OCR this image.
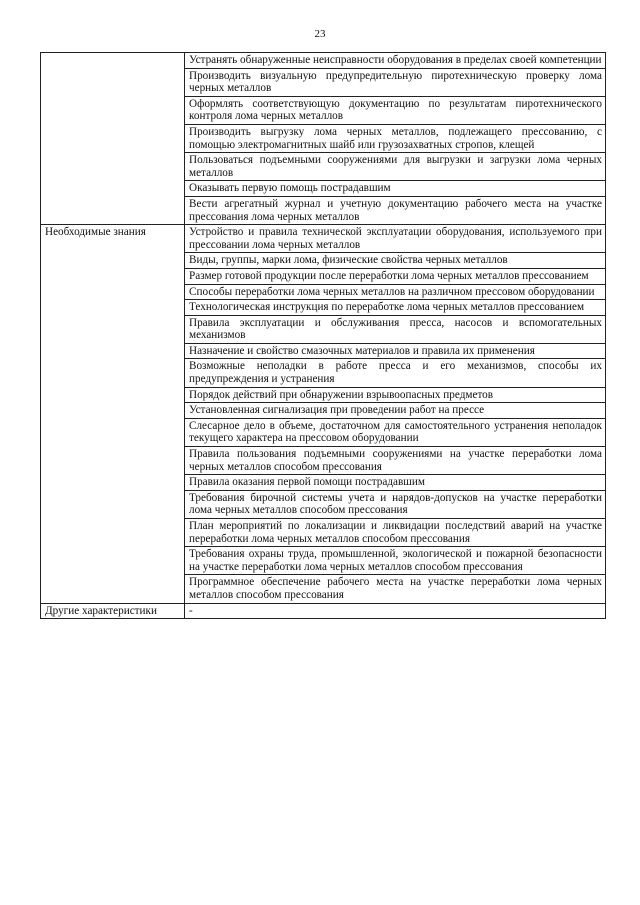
23
	Устранять обнаруженные неисправности оборудования в пределах своей компетенции
	Производить визуальную предупредительную пиротехническую проверку лома черных металлов
	Оформлять соответствующую документацию по результатам пиротехнического контроля лома черных металлов
	Производить выгрузку лома черных металлов, подлежащего прессованию, с помощью электромагнитных шайб или грузозахватных стропов, клещей
	Пользоваться подъемными сооружениями для выгрузки и загрузки лома черных металлов
	Оказывать первую помощь пострадавшим
	Вести агрегатный журнал и учетную документацию рабочего места на участке прессования лома черных металлов
Необходимые знания	Устройство и правила технической эксплуатации оборудования, используемого при прессовании лома черных металлов
	Виды, группы, марки лома, физические свойства черных металлов
	Размер готовой продукции после переработки лома черных металлов прессованием
	Способы переработки лома черных металлов на различном прессовом оборудовании
	Технологическая инструкция по переработке лома черных металлов прессованием
	Правила эксплуатации и обслуживания пресса, насосов и вспомогательных механизмов
	Назначение и свойство смазочных материалов и правила их применения
	Возможные неполадки в работе пресса и его механизмов, способы их предупреждения и устранения
	Порядок действий при обнаружении взрывоопасных предметов
	Установленная сигнализация при проведении работ на прессе
	Слесарное дело в объеме, достаточном для самостоятельного устранения неполадок текущего характера на прессовом оборудовании
	Правила пользования подъемными сооружениями на участке переработки лома черных металлов способом прессования
	Правила оказания первой помощи пострадавшим
	Требования бирочной системы учета и нарядов-допусков на участке переработки лома черных металлов способом прессования
	План мероприятий по локализации и ликвидации последствий аварий на участке переработки лома черных металлов способом прессования
	Требования охраны труда, промышленной, экологической и пожарной безопасности на участке переработки лома черных металлов способом прессования
	Программное обеспечение рабочего места на участке переработки лома черных металлов способом прессования
Другие характеристики	-
